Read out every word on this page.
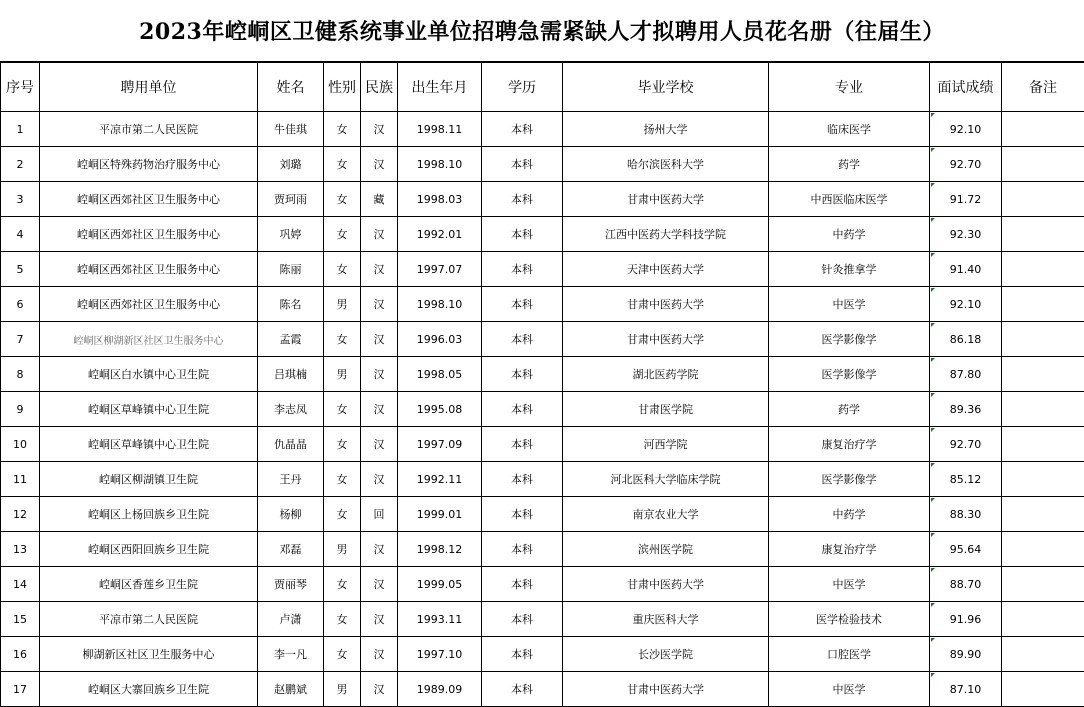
2023年崆峒区卫健系统事业单位招聘急需紧缺人才拟聘用人员花名册（往届生）
序号	聘用单位	姓名	性别	民族	出生年月	学历	毕业学校	专业	面试成绩	备注
1	平凉市第二人民医院	牛佳琪	女	汉	1998.11	本科	扬州大学	临床医学	92.10	
2	崆峒区特殊药物治疗服务中心	刘璐	女	汉	1998.10	本科	哈尔滨医科大学	药学	92.70	
3	崆峒区西郊社区卫生服务中心	贾珂雨	女	藏	1998.03	本科	甘肃中医药大学	中西医临床医学	91.72	
4	崆峒区西郊社区卫生服务中心	巩婷	女	汉	1992.01	本科	江西中医药大学科技学院	中药学	92.30	
5	崆峒区西郊社区卫生服务中心	陈丽	女	汉	1997.07	本科	天津中医药大学	针灸推拿学	91.40	
6	崆峒区西郊社区卫生服务中心	陈名	男	汉	1998.10	本科	甘肃中医药大学	中医学	92.10	
7	崆峒区柳湖新区社区卫生服务中心	孟霞	女	汉	1996.03	本科	甘肃中医药大学	医学影像学	86.18	
8	崆峒区白水镇中心卫生院	吕琪楠	男	汉	1998.05	本科	湖北医药学院	医学影像学	87.80	
9	崆峒区草峰镇中心卫生院	李志凤	女	汉	1995.08	本科	甘肃医学院	药学	89.36	
10	崆峒区草峰镇中心卫生院	仇晶晶	女	汉	1997.09	本科	河西学院	康复治疗学	92.70	
11	崆峒区柳湖镇卫生院	王丹	女	汉	1992.11	本科	河北医科大学临床学院	医学影像学	85.12	
12	崆峒区上杨回族乡卫生院	杨柳	女	回	1999.01	本科	南京农业大学	中药学	88.30	
13	崆峒区西阳回族乡卫生院	邓磊	男	汉	1998.12	本科	滨州医学院	康复治疗学	95.64	
14	崆峒区香莲乡卫生院	贾丽琴	女	汉	1999.05	本科	甘肃中医药大学	中医学	88.70	
15	平凉市第二人民医院	卢潇	女	汉	1993.11	本科	重庆医科大学	医学检验技术	91.96	
16	柳湖新区社区卫生服务中心	李一凡	女	汉	1997.10	本科	长沙医学院	口腔医学	89.90	
17	崆峒区大寨回族乡卫生院	赵鹏斌	男	汉	1989.09	本科	甘肃中医药大学	中医学	87.10	
